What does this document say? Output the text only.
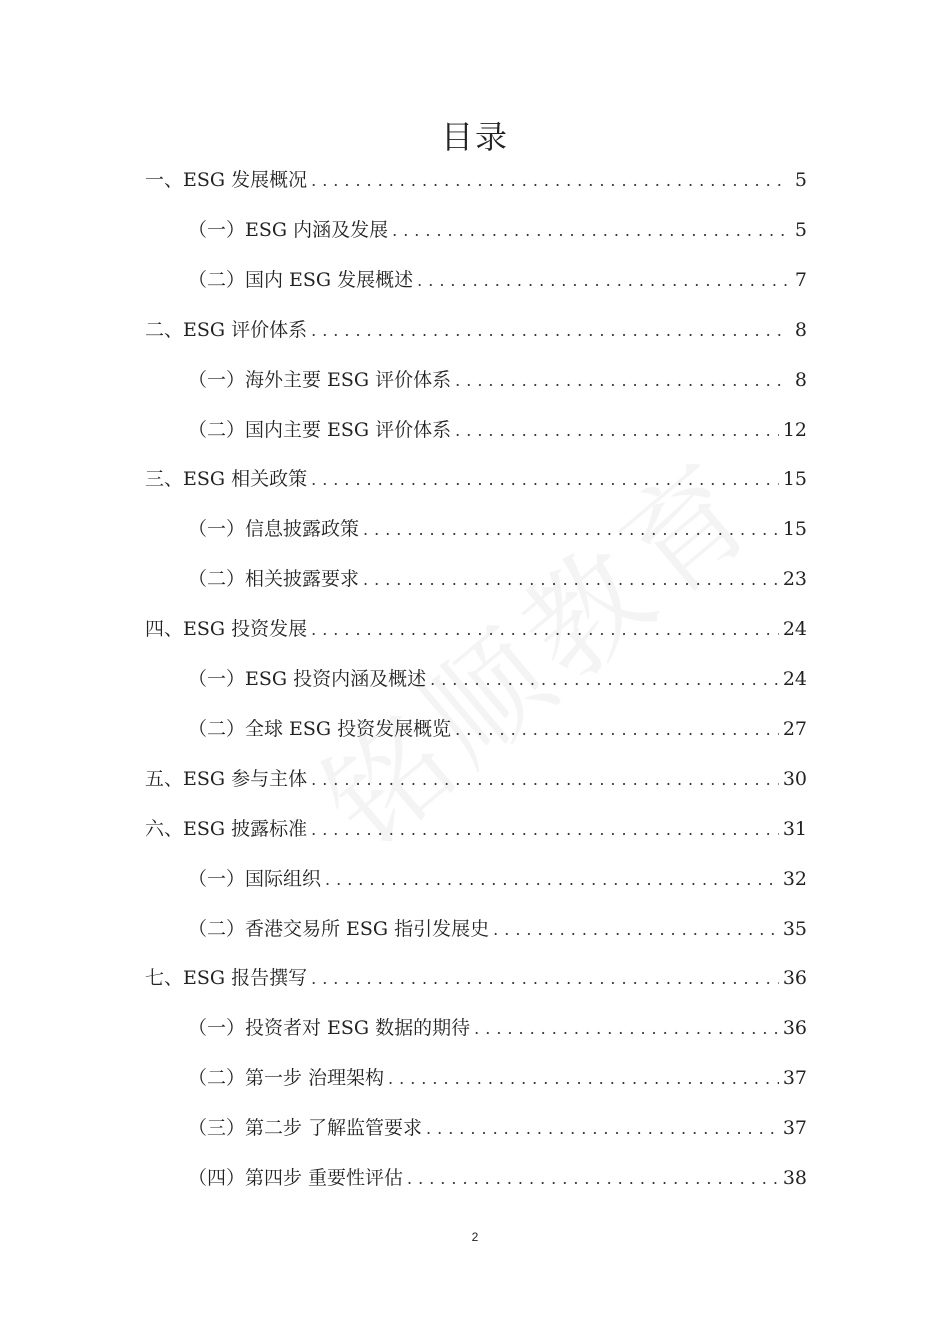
目录
一、ESG 发展概况 .....	5
（一）ESG 内涵及发展 .....	5
（二）国内 ESG 发展概述 .....	7
二、ESG 评价体系 .....	8
（一）海外主要 ESG 评价体系 .....	8
（二）国内主要 ESG 评价体系 .....	12
三、ESG 相关政策 .....	15
（一）信息披露政策 .....	15
（二）相关披露要求 .....	23
四、ESG 投资发展 .....	24
（一）ESG 投资内涵及概述 .....	24
（二）全球 ESG 投资发展概览 .....	27
五、ESG 参与主体 .....	30
六、ESG 披露标准 .....	31
（一）国际组织 .....	32
（二）香港交易所 ESG 指引发展史 .....	35
七、ESG 报告撰写 .....	36
（一）投资者对 ESG 数据的期待 .....	36
（二）第一步 治理架构 .....	37
（三）第二步 了解监管要求 .....	37
（四）第四步 重要性评估 .....	38
2
